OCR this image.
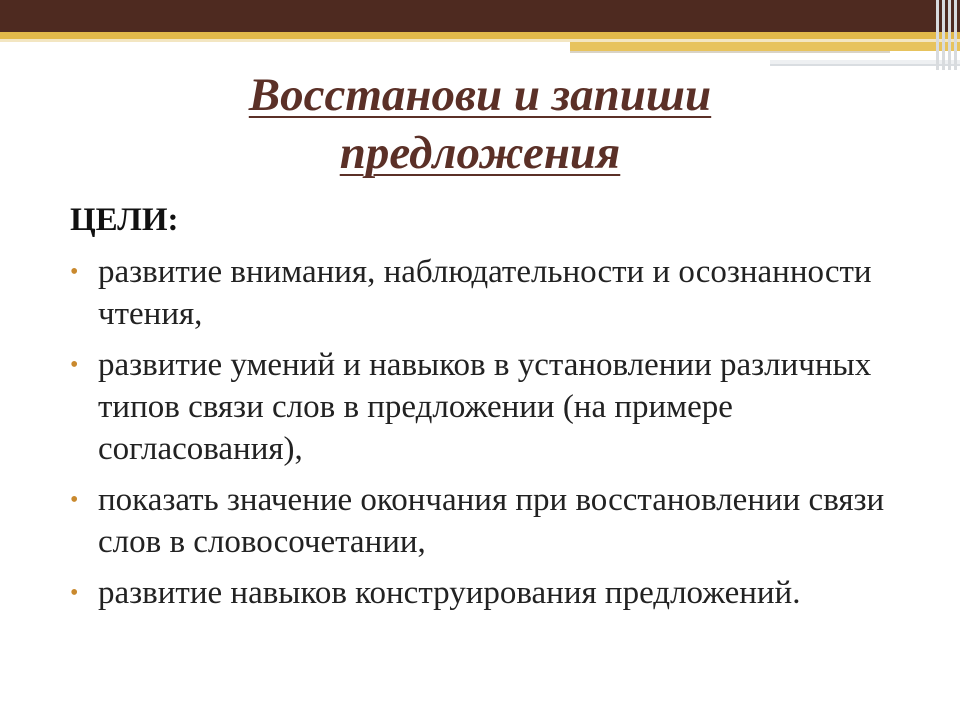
Восстанови и запиши
предложения

ЦЕЛИ:

• развитие внимания, наблюдательности и осознанности чтения,
• развитие умений и навыков в установлении различных типов связи слов в предложении (на примере согласования),
• показать значение окончания при восстановлении связи слов в словосочетании,
• развитие навыков конструирования предложений.
